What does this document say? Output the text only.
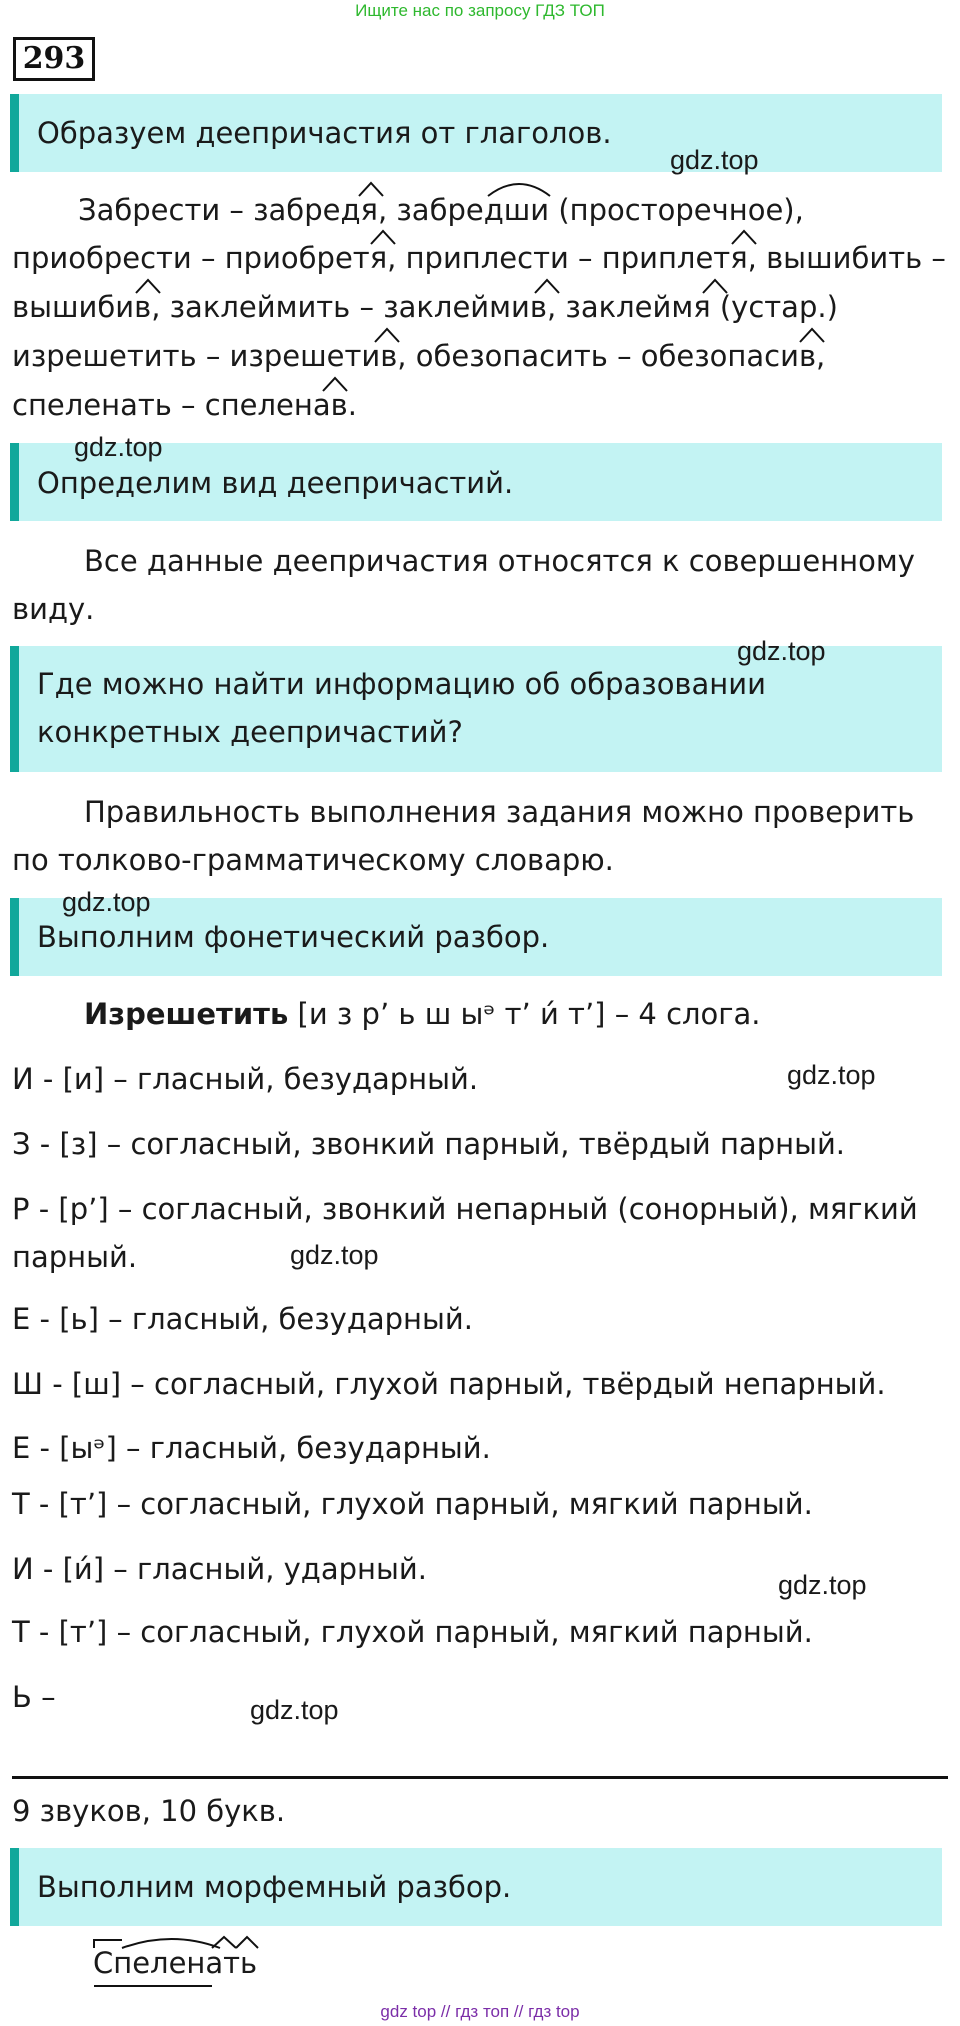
Ищите нас по запросу ГДЗ ТОП
293
Образуем деепричастия от глаголов.
gdz.top
Забрести – забредя, забредши (просторечное),
приобрести – приобретя, приплести – приплетя, вышибить –
вышибив, заклеймить – заклеймив, заклеймя (устар.)
изрешетить – изрешетив, обезопасить – обезопасив,
спеленать – спеленав.
Определим вид деепричастий.
gdz.top
Все данные деепричастия относятся к совершенному
виду.
Где можно найти информацию об образовании
конкретных деепричастий?
gdz.top
Правильность выполнения задания можно проверить
по толково-грамматическому словарю.
Выполним фонетический разбор.
gdz.top
Изрешетить [и з р’ ь ш ыᵊ т’ и́ т’] – 4 слога.
И - [и] – гласный, безударный.	gdz.top
З - [з] – согласный, звонкий парный, твёрдый парный.
Р - [р’] – согласный, звонкий непарный (сонорный), мягкий
парный.	gdz.top
Е - [ь] – гласный, безударный.
Ш - [ш] – согласный, глухой парный, твёрдый непарный.
Е - [ыᵊ] – гласный, безударный.
Т - [т’] – согласный, глухой парный, мягкий парный.
И - [и́] – гласный, ударный.	gdz.top
Т - [т’] – согласный, глухой парный, мягкий парный.
Ь –	gdz.top
9 звуков, 10 букв.
Выполним морфемный разбор.
Спеленать
gdz top // гдз топ // гдз top
